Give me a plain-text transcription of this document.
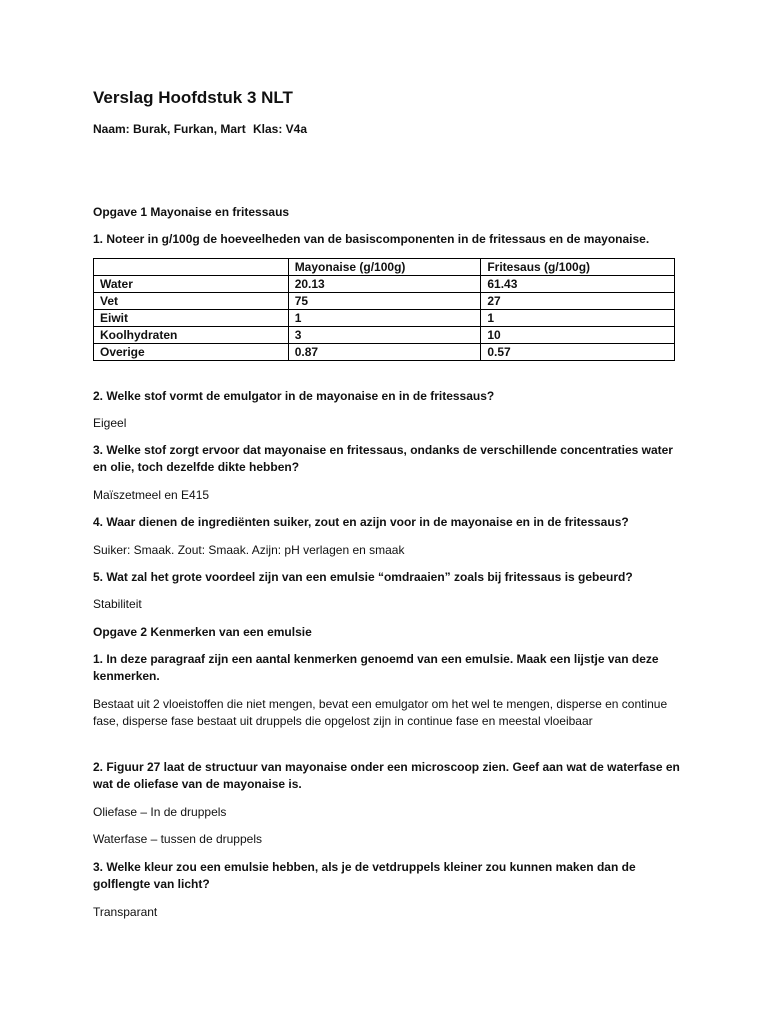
Verslag Hoofdstuk 3 NLT
Naam: Burak, Furkan, Mart Klas: V4a
Opgave 1 Mayonaise en fritessaus
1. Noteer in g/100g de hoeveelheden van de basiscomponenten in de fritessaus en de mayonaise.
	Mayonaise (g/100g)	Fritesaus (g/100g)
Water	20.13	61.43
Vet	75	27
Eiwit	1	1
Koolhydraten	3	10
Overige	0.87	0.57
2. Welke stof vormt de emulgator in de mayonaise en in de fritessaus?
Eigeel
3. Welke stof zorgt ervoor dat mayonaise en fritessaus, ondanks de verschillende concentraties water en olie, toch dezelfde dikte hebben?
Maïszetmeel en E415
4. Waar dienen de ingrediënten suiker, zout en azijn voor in de mayonaise en in de fritessaus?
Suiker: Smaak. Zout: Smaak. Azijn: pH verlagen en smaak
5. Wat zal het grote voordeel zijn van een emulsie “omdraaien” zoals bij fritessaus is gebeurd?
Stabiliteit
Opgave 2 Kenmerken van een emulsie
1. In deze paragraaf zijn een aantal kenmerken genoemd van een emulsie. Maak een lijstje van deze kenmerken.
Bestaat uit 2 vloeistoffen die niet mengen, bevat een emulgator om het wel te mengen, disperse en continue fase, disperse fase bestaat uit druppels die opgelost zijn in continue fase en meestal vloeibaar
2. Figuur 27 laat de structuur van mayonaise onder een microscoop zien. Geef aan wat de waterfase en wat de oliefase van de mayonaise is.
Oliefase – In de druppels
Waterfase – tussen de druppels
3. Welke kleur zou een emulsie hebben, als je de vetdruppels kleiner zou kunnen maken dan de golflengte van licht?
Transparant
